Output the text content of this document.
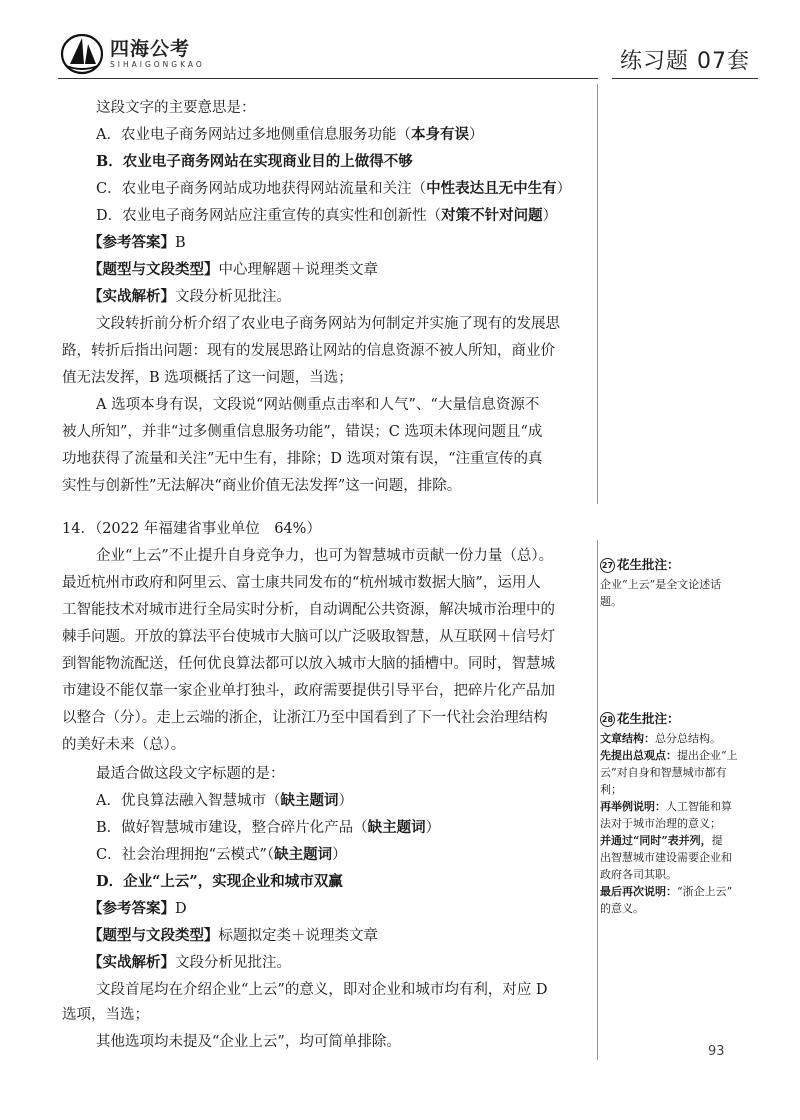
四海公考
SIHAIGONGKAO	练习题 07套
这段文字的主要意思是：
A．农业电子商务网站过多地侧重信息服务功能（本身有误）
B．农业电子商务网站在实现商业目的上做得不够
C．农业电子商务网站成功地获得网站流量和关注（中性表达且无中生有）
D．农业电子商务网站应注重宣传的真实性和创新性（对策不针对问题）
【参考答案】B
【题型与文段类型】中心理解题＋说理类文章
【实战解析】文段分析见批注。
文段转折前分析介绍了农业电子商务网站为何制定并实施了现有的发展思
路，转折后指出问题：现有的发展思路让网站的信息资源不被人所知，商业价
值无法发挥，B 选项概括了这一问题，当选；
A 选项本身有误，文段说“网站侧重点击率和人气”、“大量信息资源不
被人所知”，并非“过多侧重信息服务功能”，错误；C 选项未体现问题且“成
功地获得了流量和关注”无中生有，排除；D 选项对策有误，“注重宣传的真
实性与创新性”无法解决“商业价值无法发挥”这一问题，排除。
14．（2022 年福建省事业单位　64%）
企业“上云”不止提升自身竞争力，也可为智慧城市贡献一份力量（总）。
最近杭州市政府和阿里云、富士康共同发布的“杭州城市数据大脑”，运用人
工智能技术对城市进行全局实时分析，自动调配公共资源，解决城市治理中的
棘手问题。开放的算法平台使城市大脑可以广泛吸取智慧，从互联网＋信号灯
到智能物流配送，任何优良算法都可以放入城市大脑的插槽中。同时，智慧城
市建设不能仅靠一家企业单打独斗，政府需要提供引导平台，把碎片化产品加
以整合（分）。走上云端的浙企，让浙江乃至中国看到了下一代社会治理结构
的美好未来（总）。
最适合做这段文字标题的是：
A．优良算法融入智慧城市（缺主题词）
B．做好智慧城市建设，整合碎片化产品（缺主题词）
C．社会治理拥抱“云模式”（缺主题词）
D．企业“上云”，实现企业和城市双赢
【参考答案】D
【题型与文段类型】标题拟定类＋说理类文章
【实战解析】文段分析见批注。
文段首尾均在介绍企业“上云”的意义，即对企业和城市均有利，对应 D
选项，当选；
其他选项均未提及“企业上云”，均可简单排除。
27 花生批注：
企业“上云”是全文论述话
题。
28 花生批注：
文章结构：总分总结构。
先提出总观点：提出企业“上
云”对自身和智慧城市都有
利；
再举例说明：人工智能和算
法对于城市治理的意义；
并通过“同时”表并列，提
出智慧城市建设需要企业和
政府各司其职。
最后再次说明：“浙企上云”
的意义。
93
